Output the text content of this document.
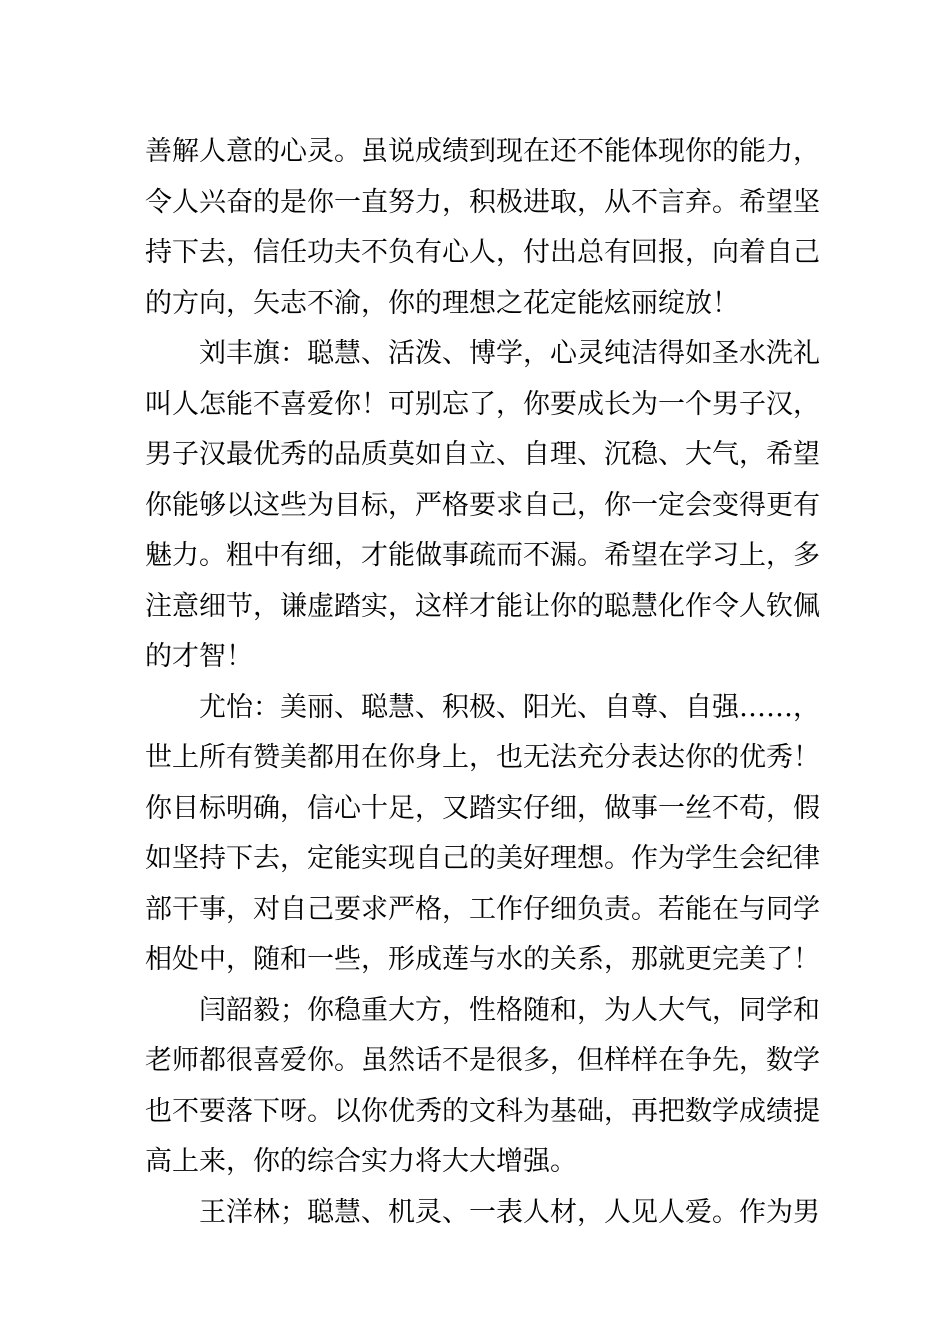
善解人意的心灵。虽说成绩到现在还不能体现你的能力，
令人兴奋的是你一直努力，积极进取，从不言弃。希望坚
持下去，信任功夫不负有心人，付出总有回报，向着自己
的方向，矢志不渝，你的理想之花定能炫丽绽放！
刘丰旗：聪慧、活泼、博学，心灵纯洁得如圣水洗礼
叫人怎能不喜爱你！可别忘了，你要成长为一个男子汉，
男子汉最优秀的品质莫如自立、自理、沉稳、大气，希望
你能够以这些为目标，严格要求自己，你一定会变得更有
魅力。粗中有细，才能做事疏而不漏。希望在学习上，多
注意细节，谦虚踏实，这样才能让你的聪慧化作令人钦佩
的才智！
尤怡：美丽、聪慧、积极、阳光、自尊、自强……，
世上所有赞美都用在你身上，也无法充分表达你的优秀！
你目标明确，信心十足，又踏实仔细，做事一丝不苟，假
如坚持下去，定能实现自己的美好理想。作为学生会纪律
部干事，对自己要求严格，工作仔细负责。若能在与同学
相处中，随和一些，形成莲与水的关系，那就更完美了！
闫韶毅；你稳重大方，性格随和，为人大气，同学和
老师都很喜爱你。虽然话不是很多，但样样在争先，数学
也不要落下呀。以你优秀的文科为基础，再把数学成绩提
高上来，你的综合实力将大大增强。
王洋林；聪慧、机灵、一表人材，人见人爱。作为男
